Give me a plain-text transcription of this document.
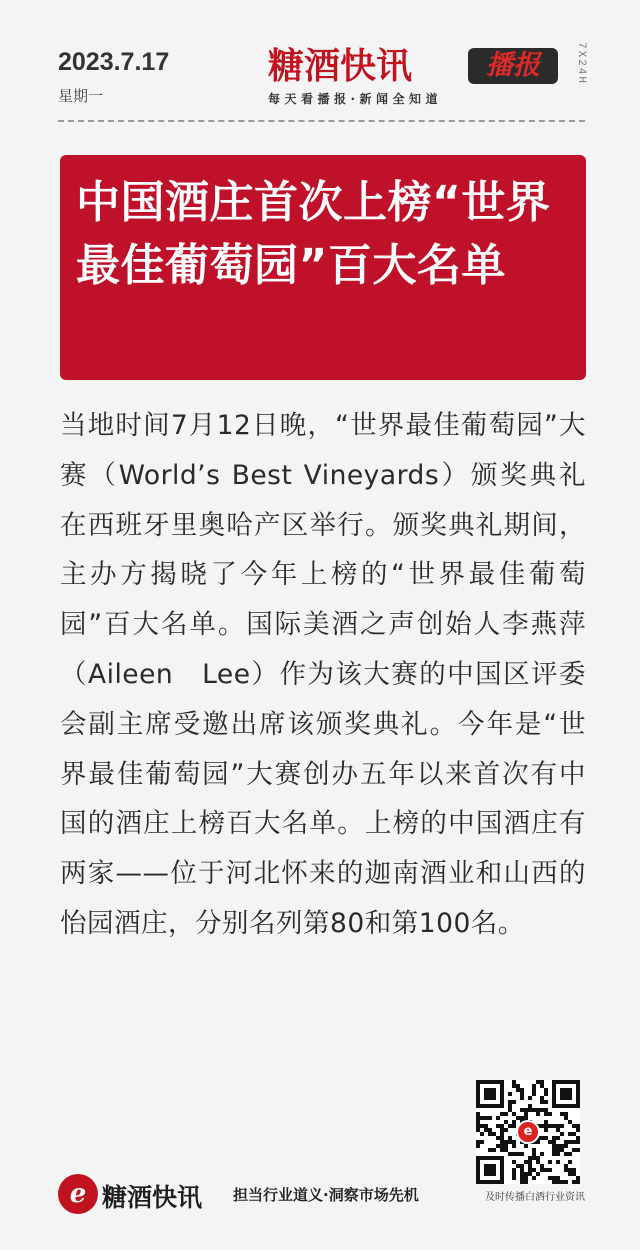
2023.7.17
星期一
糖酒快讯	播报
每天看播报·新闻全知道
7X24H
中国酒庄首次上榜“世界最佳葡萄园”百大名单
当地时间7月12日晚，“世界最佳葡萄园”大赛（World’s Best Vineyards）颁奖典礼在西班牙里奥哈产区举行。颁奖典礼期间，主办方揭晓了今年上榜的“世界最佳葡萄园”百大名单。国际美酒之声创始人李燕萍（Aileen　Lee）作为该大赛的中国区评委会副主席受邀出席该颁奖典礼。今年是“世界最佳葡萄园”大赛创办五年以来首次有中国的酒庄上榜百大名单。上榜的中国酒庄有两家——位于河北怀来的迦南酒业和山西的怡园酒庄，分别名列第80和第100名。
e
e 糖酒快讯 担当行业道义·洞察市场先机	及时传播白酒行业资讯
